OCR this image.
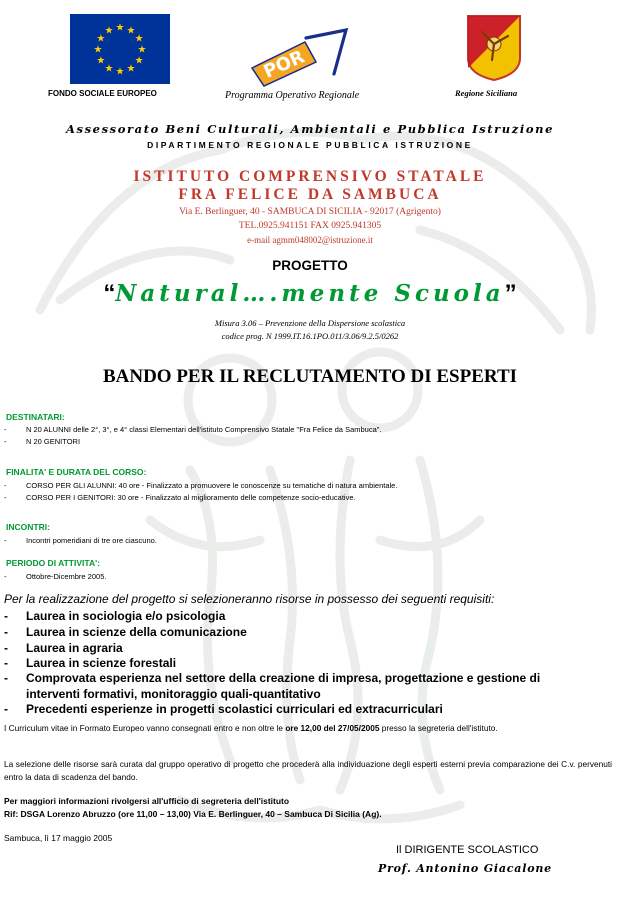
★ ★
★
★
★
★
★
★
★
★
★
★
FONDO SOCIALE EUROPEO
POR
Programma Operativo Regionale	Regione Siciliana
Assessorato Beni Culturali, Ambientali e Pubblica Istruzione
DIPARTIMENTO REGIONALE PUBBLICA ISTRUZIONE
ISTITUTO COMPRENSIVO STATALE
FRA FELICE DA SAMBUCA
Via E. Berlinguer, 40 - SAMBUCA DI SICILIA - 92017 (Agrigento)
TEL.0925.941151 FAX 0925.941305
e-mail agmm048002@istruzione.it
PROGETTO
“Natural….mente Scuola”
Misura 3.06 – Prevenzione della Dispersione scolastica
codice prog. N 1999.IT.16.1PO.011/3.06/9.2.5/0262
BANDO PER IL RECLUTAMENTO DI ESPERTI
DESTINATARI:
-	N 20 ALUNNI delle 2°, 3°, e 4° classi Elementari dell'istituto Comprensivo Statale "Fra Felice da Sambuca".
-	N 20 GENITORI
FINALITA' E DURATA DEL CORSO:
-	CORSO PER GLI ALUNNI: 40 ore - Finalizzato a promuovere le conoscenze su tematiche di natura ambientale.
-	CORSO PER I GENITORI: 30 ore - Finalizzato al miglioramento delle competenze socio-educative.
INCONTRI:
-	Incontri pomeridiani di tre ore ciascuno.
PERIODO DI ATTIVITA':
-	Ottobre-Dicembre 2005.
Per la realizzazione del progetto si selezioneranno risorse in possesso dei seguenti requisiti:
- Laurea in sociologia e/o psicologia
- Laurea in scienze della comunicazione
- Laurea in agraria
- Laurea in scienze forestali
- Comprovata esperienza nel settore della creazione di impresa, progettazione e gestione di
interventi formativi, monitoraggio quali-quantitativo
- Precedenti esperienze in progetti scolastici curriculari ed extracurriculari
I Curriculum vitae in Formato Europeo vanno consegnati entro e non oltre le ore 12,00 del 27/05/2005 presso la segreteria dell'istituto.
La selezione delle risorse sarà curata dal gruppo operativo di progetto che procederà alla individuazione degli esperti esterni previa comparazione dei C.v. pervenuti entro la data di scadenza del bando.
Per maggiori informazioni rivolgersi all'ufficio di segreteria dell'istituto
Rif: DSGA Lorenzo Abruzzo (ore 11,00 – 13,00) Via E. Berlinguer, 40 – Sambuca Di Sicilia (Ag).
Sambuca, lì 17 maggio 2005
Il DIRIGENTE SCOLASTICO
Prof. Antonino Giacalone
